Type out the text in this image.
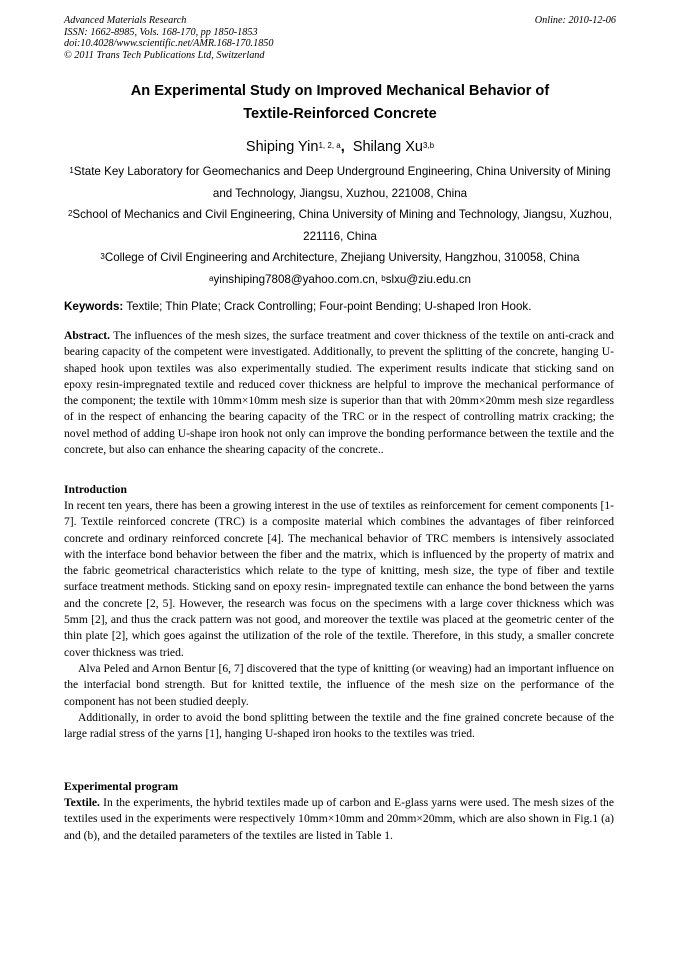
Advanced Materials Research
ISSN: 1662-8985, Vols. 168-170, pp 1850-1853
doi:10.4028/www.scientific.net/AMR.168-170.1850
© 2011 Trans Tech Publications Ltd, Switzerland
Online: 2010-12-06
An Experimental Study on Improved Mechanical Behavior of
Textile-Reinforced Concrete
Shiping Yin$^{1, 2, a}$, Shilang Xu$^{3,b}$
$^1$State Key Laboratory for Geomechanics and Deep Underground Engineering, China University of Mining and Technology, Jiangsu, Xuzhou, 221008, China
$^2$School of Mechanics and Civil Engineering, China University of Mining and Technology, Jiangsu, Xuzhou, 221116, China
$^3$College of Civil Engineering and Architecture, Zhejiang University, Hangzhou, 310058, China
$^a$yinshiping7808@yahoo.com.cn, $^b$slxu@ziu.edu.cn
Keywords: Textile; Thin Plate; Crack Controlling; Four-point Bending; U-shaped Iron Hook.

Abstract. The influences of the mesh sizes, the surface treatment and cover thickness of the textile on anti-crack and bearing capacity of the competent were investigated. Additionally, to prevent the splitting of the concrete, hanging U-shaped hook upon textiles was also experimentally studied. The experiment results indicate that sticking sand on epoxy resin-impregnated textile and reduced cover thickness are helpful to improve the mechanical performance of the component; the textile with 10mm×10mm mesh size is superior than that with 20mm×20mm mesh size regardless of in the respect of enhancing the bearing capacity of the TRC or in the respect of controlling matrix cracking; the novel method of adding U-shape iron hook not only can improve the bonding performance between the textile and the concrete, but also can enhance the shearing capacity of the concrete..

Introduction

In recent ten years, there has been a growing interest in the use of textiles as reinforcement for cement components [1-7]. Textile reinforced concrete (TRC) is a composite material which combines the advantages of fiber reinforced concrete and ordinary reinforced concrete [4]. The mechanical behavior of TRC members is intensively associated with the interface bond behavior between the fiber and the matrix, which is influenced by the property of matrix and the fabric geometrical characteristics which relate to the type of knitting, mesh size, the type of fiber and textile surface treatment methods. Sticking sand on epoxy resin- impregnated textile can enhance the bond between the yarns and the concrete [2, 5]. However, the research was focus on the specimens with a large cover thickness which was 5mm [2], and thus the crack pattern was not good, and moreover the textile was placed at the geometric center of the thin plate [2], which goes against the utilization of the role of the textile. Therefore, in this study, a smaller concrete cover thickness was tried.

Alva Peled and Arnon Bentur [6, 7] discovered that the type of knitting (or weaving) had an important influence on the interfacial bond strength. But for knitted textile, the influence of the mesh size on the performance of the component has not been studied deeply.

Additionally, in order to avoid the bond splitting between the textile and the fine grained concrete because of the large radial stress of the yarns [1], hanging U-shaped iron hooks to the textiles was tried.

Experimental program

Textile. In the experiments, the hybrid textiles made up of carbon and E-glass yarns were used. The mesh sizes of the textiles used in the experiments were respectively 10mm×10mm and 20mm×20mm, which are also shown in Fig.1 (a) and (b), and the detailed parameters of the textiles are listed in Table 1.
